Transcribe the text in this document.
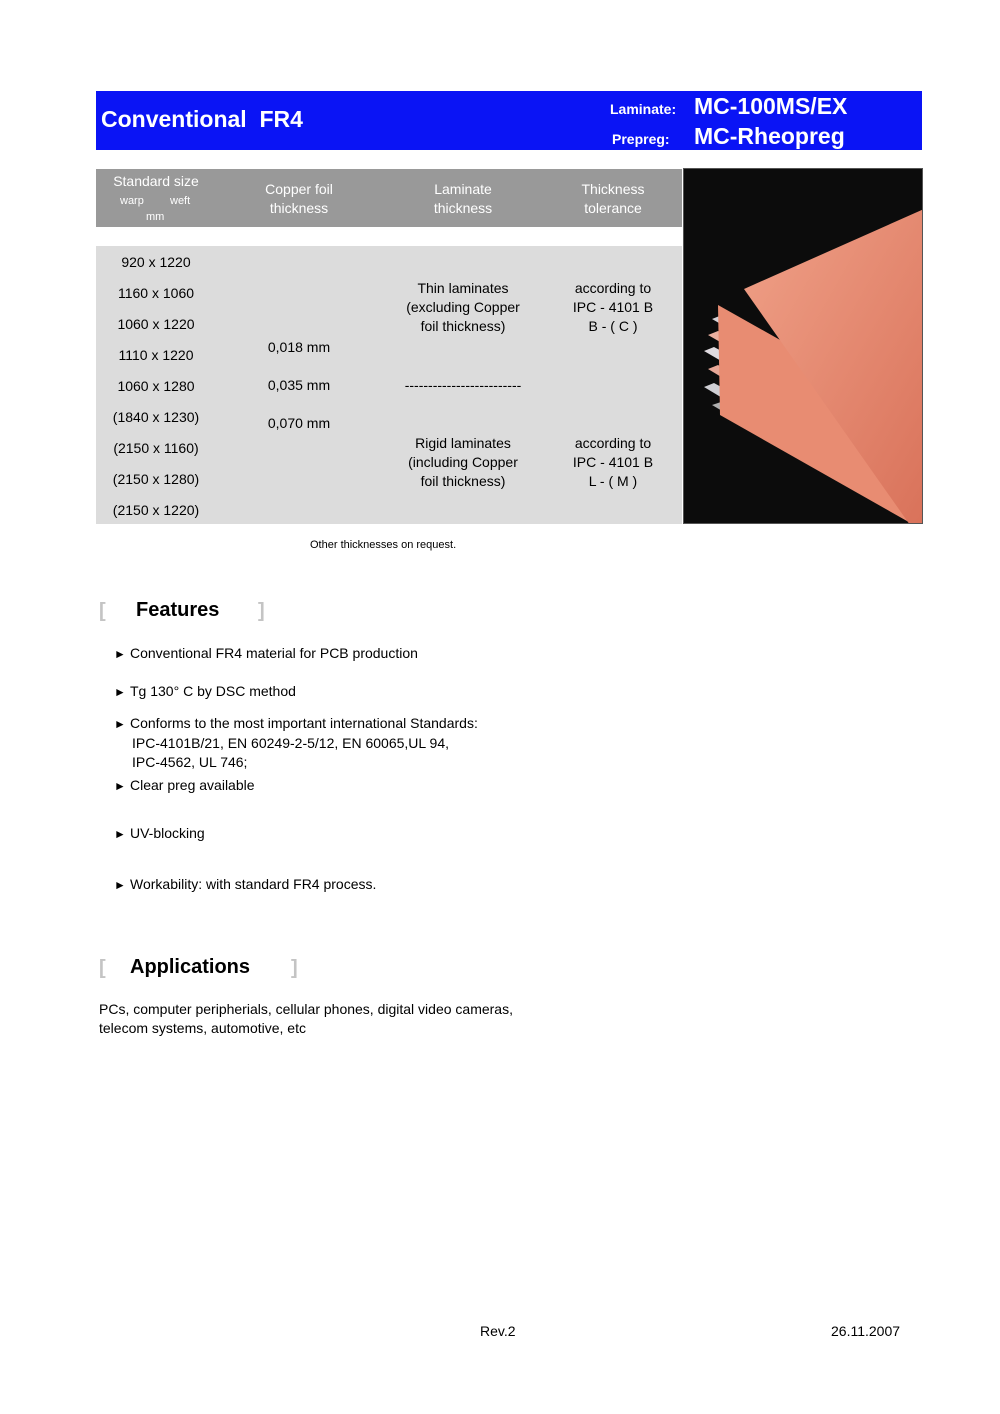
Conventional  FR4	Laminate: MC-100MS/EX
Prepreg: MC-Rheopreg
Standard size
warp weft
mm
Copper foil
thickness
Laminate
thickness
Thickness
tolerance
920 x 1220
1160 x 1060
1060 x 1220
1110 x 1220
1060 x 1280
(1840 x 1230)
(2150 x 1160)
(2150 x 1280)
(2150 x 1220)
0,018 mm
0,035 mm
0,070 mm
Thin laminates
(excluding Copper
foil thickness)
according to
IPC - 4101 B
B - ( C )
-------------------------
Rigid laminates
(including Copper
foil thickness)
according to
IPC - 4101 B
L - ( M )
Other thicknesses on request.
[ Features ]
► Conventional FR4 material for PCB production
► Tg 130° C by DSC method
► Conforms to the most important international Standards:
IPC-4101B/21, EN 60249-2-5/12, EN 60065,UL 94,
IPC-4562, UL 746;
► Clear preg available
► UV-blocking
► Workability: with standard FR4 process.
[ Applications ]
PCs, computer peripherials, cellular phones, digital video cameras,
telecom systems, automotive, etc
Rev.2	26.11.2007
